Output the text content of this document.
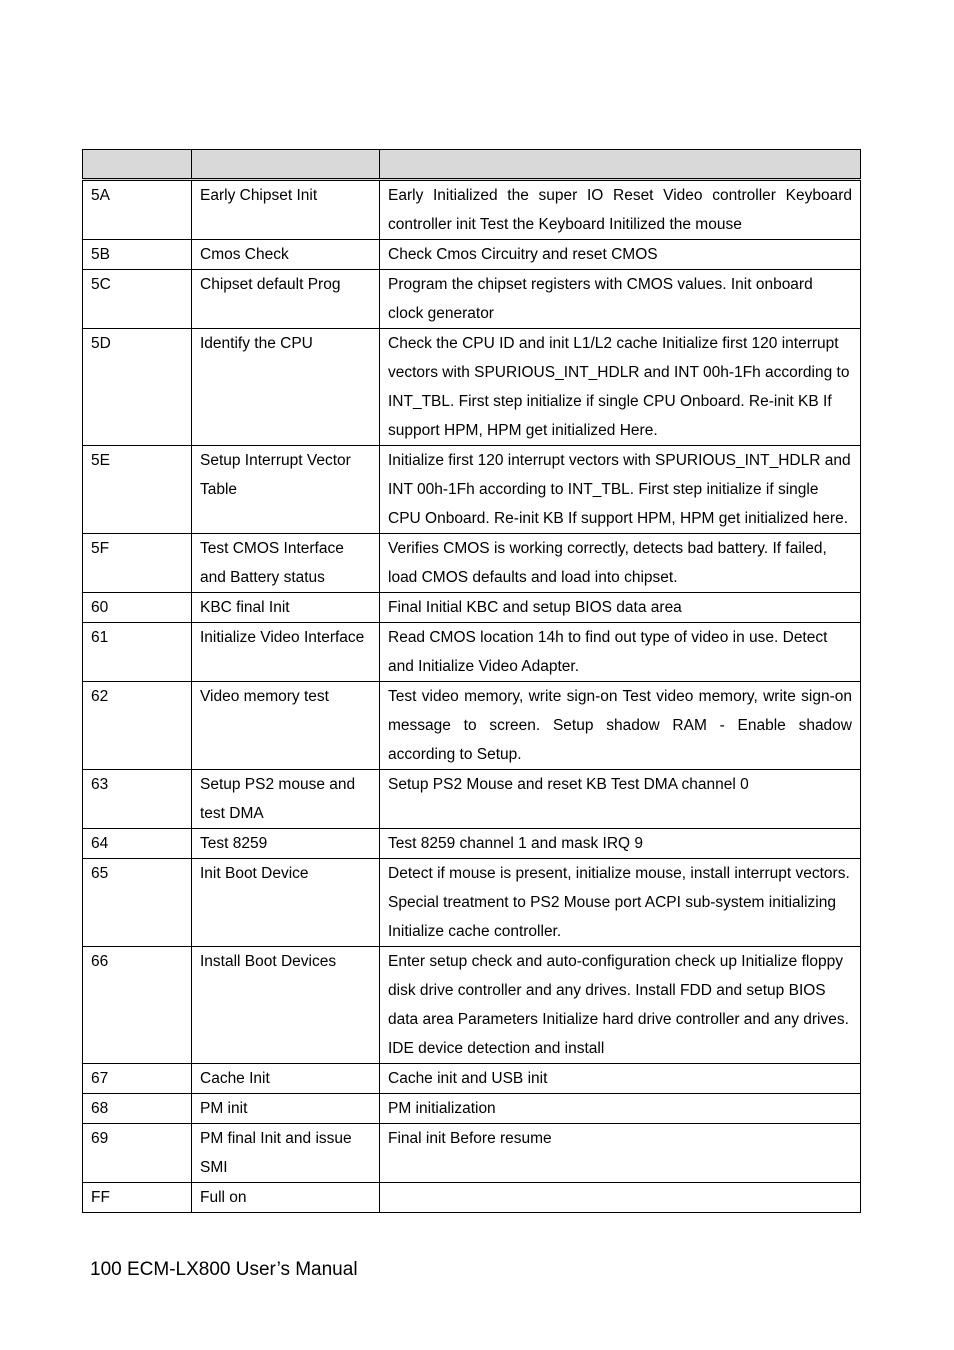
5A	Early Chipset Init	Early Initialized the super IO Reset Video controller Keyboard controller init Test the Keyboard Initilized the mouse
5B	Cmos Check	Check Cmos Circuitry and reset CMOS
5C	Chipset default Prog	Program the chipset registers with CMOS values. Init onboard clock generator
5D	Identify the CPU	Check the CPU ID and init L1/L2 cache Initialize first 120 interrupt vectors with SPURIOUS_INT_HDLR and INT 00h-1Fh according to INT_TBL. First step initialize if single CPU Onboard. Re-init KB If support HPM, HPM get initialized Here.
5E	Setup Interrupt Vector Table	Initialize first 120 interrupt vectors with SPURIOUS_INT_HDLR and INT 00h-1Fh according to INT_TBL. First step initialize if single CPU Onboard. Re-init KB If support HPM, HPM get initialized here.
5F	Test CMOS Interface and Battery status	Verifies CMOS is working correctly, detects bad battery. If failed, load CMOS defaults and load into chipset.
60	KBC final Init	Final Initial KBC and setup BIOS data area
61	Initialize Video Interface	Read CMOS location 14h to find out type of video in use. Detect and Initialize Video Adapter.
62	Video memory test	Test video memory, write sign-on Test video memory, write sign-on message to screen. Setup shadow RAM - Enable shadow according to Setup.
63	Setup PS2 mouse and test DMA	Setup PS2 Mouse and reset KB Test DMA channel 0
64	Test 8259	Test 8259 channel 1 and mask IRQ 9
65	Init Boot Device	Detect if mouse is present, initialize mouse, install interrupt vectors. Special treatment to PS2 Mouse port ACPI sub-system initializing Initialize cache controller.
66	Install Boot Devices	Enter setup check and auto-configuration check up Initialize floppy disk drive controller and any drives. Install FDD and setup BIOS data area Parameters Initialize hard drive controller and any drives. IDE device detection and install
67	Cache Init	Cache init and USB init
68	PM init	PM initialization
69	PM final Init and issue SMI	Final init Before resume
FF	Full on	
100 ECM-LX800 User’s Manual
